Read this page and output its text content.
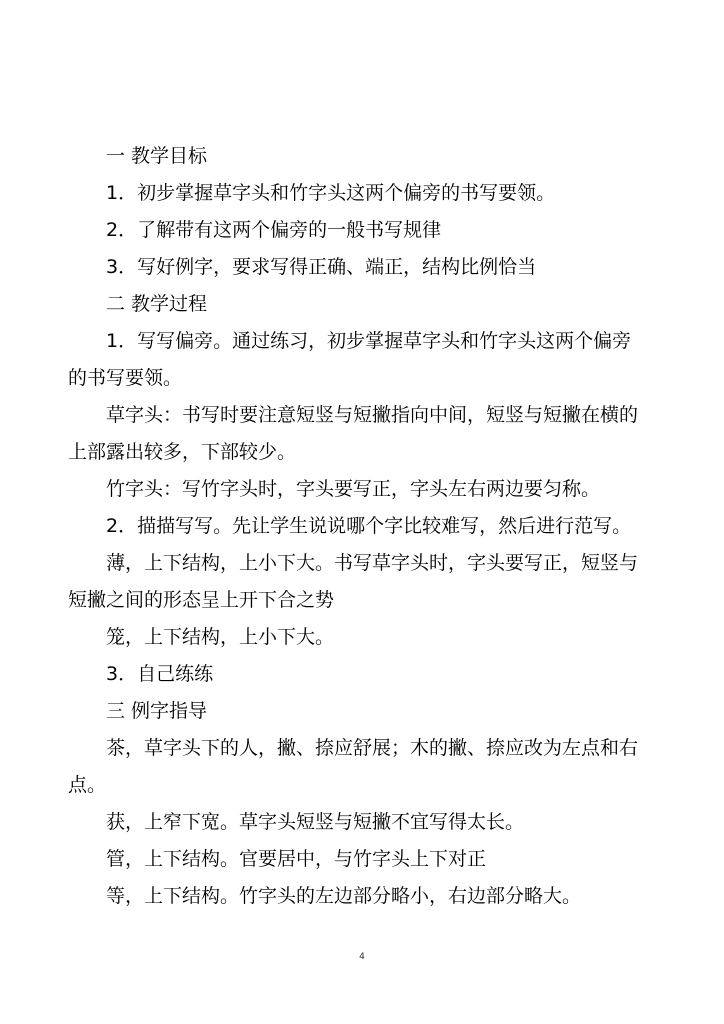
一 教学目标
1．初步掌握草字头和竹字头这两个偏旁的书写要领。
2．了解带有这两个偏旁的一般书写规律
3．写好例字，要求写得正确、端正，结构比例恰当
二 教学过程
1．写写偏旁。通过练习，初步掌握草字头和竹字头这两个偏旁
的书写要领。
草字头：书写时要注意短竖与短撇指向中间，短竖与短撇在横的
上部露出较多，下部较少。
竹字头：写竹字头时，字头要写正，字头左右两边要匀称。
2．描描写写。先让学生说说哪个字比较难写，然后进行范写。
薄，上下结构，上小下大。书写草字头时，字头要写正，短竖与
短撇之间的形态呈上开下合之势
笼，上下结构，上小下大。
3．自己练练
三 例字指导
茶，草字头下的人，撇、捺应舒展；木的撇、捺应改为左点和右
点。
获，上窄下宽。草字头短竖与短撇不宜写得太长。
管，上下结构。官要居中，与竹字头上下对正
等，上下结构。竹字头的左边部分略小，右边部分略大。
4
